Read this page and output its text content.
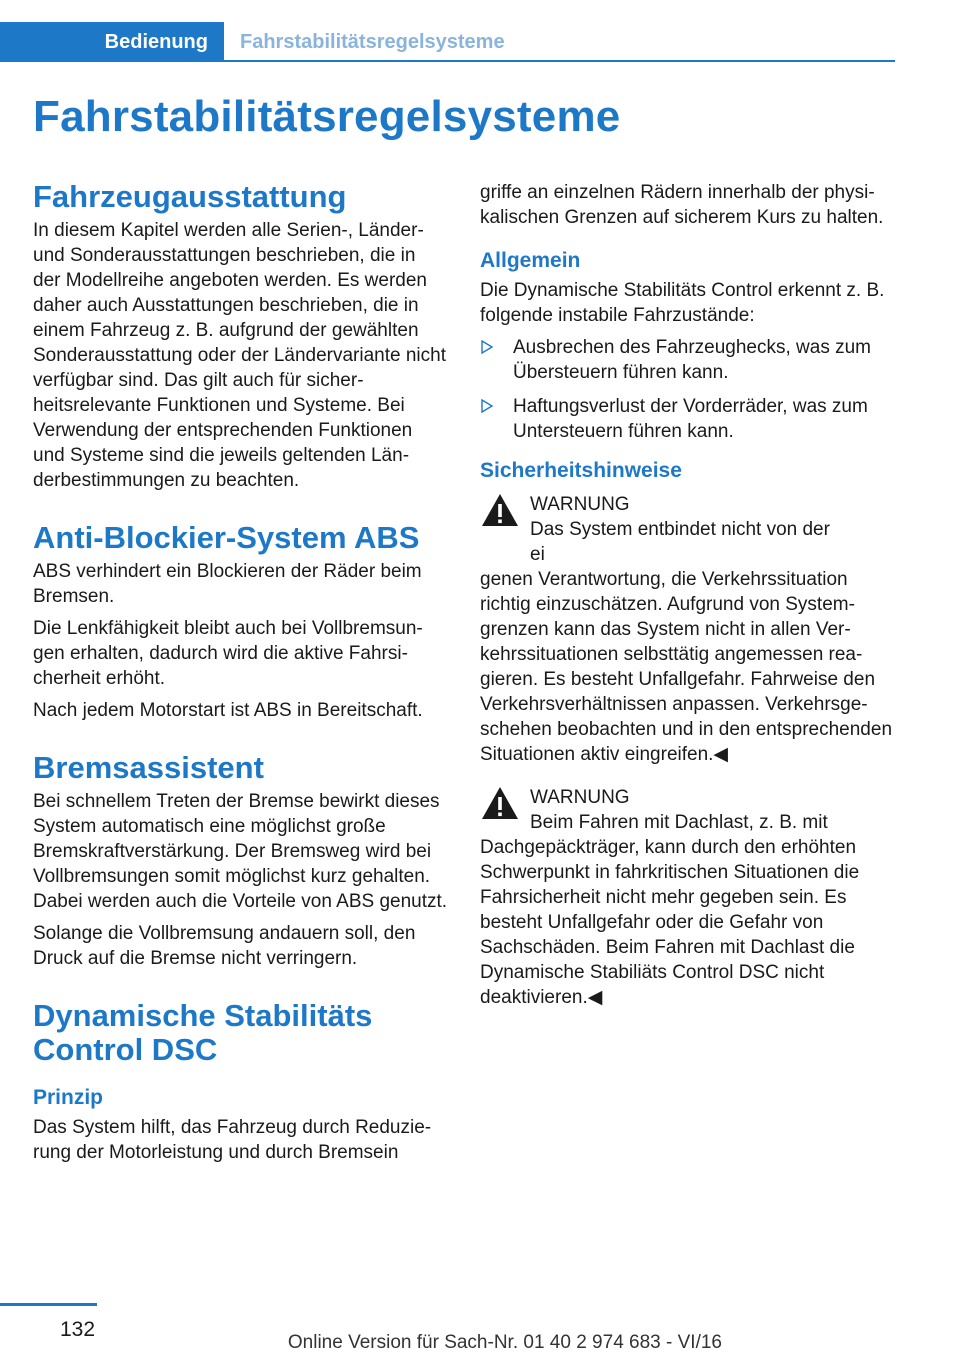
Bedienung Fahrstabilitätsregelsysteme
Fahrstabilitätsregelsysteme
Fahrzeugausstattung

In diesem Kapitel werden alle Serien-, Länder- und Sonderausstattungen beschrieben, die in der Modellreihe angeboten werden. Es werden daher auch Ausstattungen beschrieben, die in einem Fahrzeug z. B. aufgrund der gewählten Sonderausstattung oder der Ländervariante nicht verfügbar sind. Das gilt auch für sicherheitsrelevante Funktionen und Systeme. Bei Verwendung der entsprechenden Funktionen und Systeme sind die jeweils geltenden Länderbestimmungen zu beachten.

Anti-Blockier-System ABS

ABS verhindert ein Blockieren der Räder beim Bremsen.

Die Lenkfähigkeit bleibt auch bei Vollbremsungen erhalten, dadurch wird die aktive Fahrsicherheit erhöht.

Nach jedem Motorstart ist ABS in Bereitschaft.

Bremsassistent

Bei schnellem Treten der Bremse bewirkt dieses System automatisch eine möglichst große Bremskraftverstärkung. Der Bremsweg wird bei Vollbremsungen somit möglichst kurz gehalten. Dabei werden auch die Vorteile von ABS genutzt.

Solange die Vollbremsung andauern soll, den Druck auf die Bremse nicht verringern.

Dynamische Stabilitäts Control DSC
Prinzip

Das System hilft, das Fahrzeug durch Reduzierung der Motorleistung und durch Bremsein

griffe an einzelnen Rädern innerhalb der physikalischen Grenzen auf sicherem Kurs zu halten.

Allgemein

Die Dynamische Stabilitäts Control erkennt z. B. folgende instabile Fahrzustände:

Ausbrechen des Fahrzeughecks, was zum Übersteuern führen kann.
Haftungsverlust der Vorderräder, was zum Untersteuern führen kann.
Sicherheitshinweise
WARNUNG
Das System entbindet nicht von der ei

genen Verantwortung, die Verkehrssituation richtig einzuschätzen. Aufgrund von Systemgrenzen kann das System nicht in allen Verkehrssituationen selbsttätig angemessen reagieren. Es besteht Unfallgefahr. Fahrweise den Verkehrsverhältnissen anpassen. Verkehrsgeschehen beobachten und in den entsprechenden Situationen aktiv eingreifen.◀

WARNUNG
Beim Fahren mit Dachlast, z. B. mit

Dachgepäckträger, kann durch den erhöhten Schwerpunkt in fahrkritischen Situationen die Fahrsicherheit nicht mehr gegeben sein. Es besteht Unfallgefahr oder die Gefahr von Sachschäden. Beim Fahren mit Dachlast die Dynamische Stabiliäts Control DSC nicht deaktivieren.◀

132
Online Version für Sach-Nr. 01 40 2 974 683 - VI/16
